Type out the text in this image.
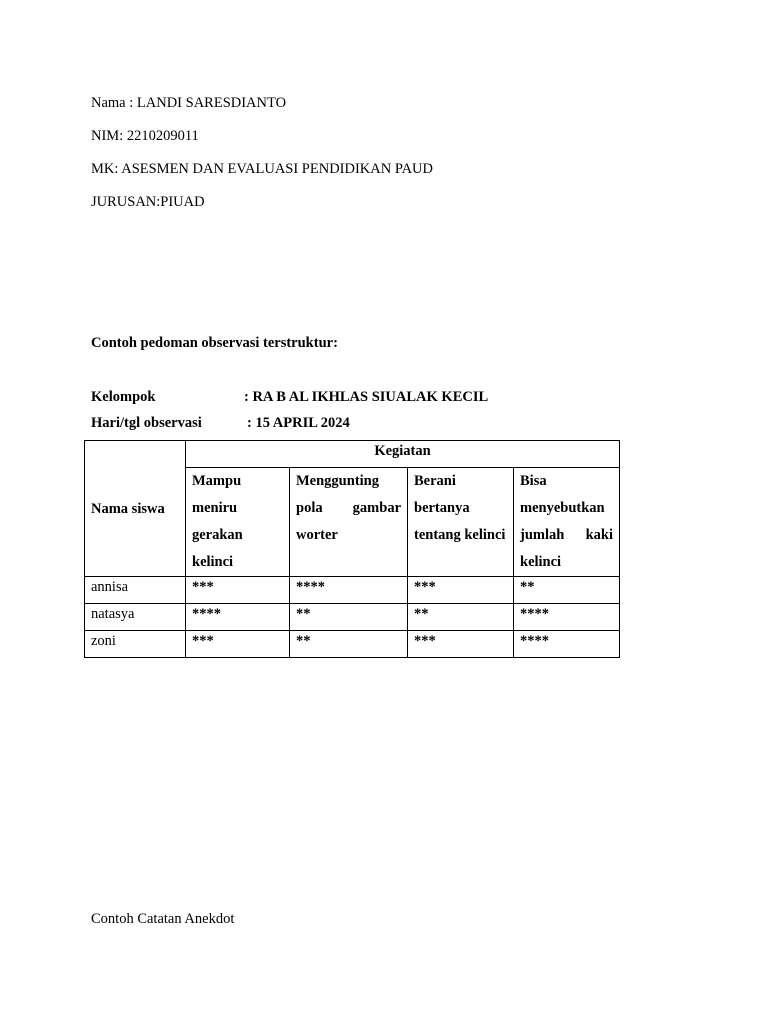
Nama : LANDI SARESDIANTO
NIM: 2210209011
MK: ASESMEN DAN EVALUASI PENDIDIKAN PAUD
JURUSAN:PIUAD
Contoh pedoman observasi terstruktur:
Kelompok	: RA B AL IKHLAS SIUALAK KECIL
Hari/tgl observasi	: 15 APRIL 2024
Nama siswa	Kegiatan			
	Mampu meniru gerakan kelinci	Menggunting pola gambar worter	Berani bertanya tentang kelinci	Bisa menyebutkan jumlah kaki kelinci
annisa	***	****	***	**
natasya	****	**	**	****
zoni	***	**	***	****
Contoh Catatan Anekdot
